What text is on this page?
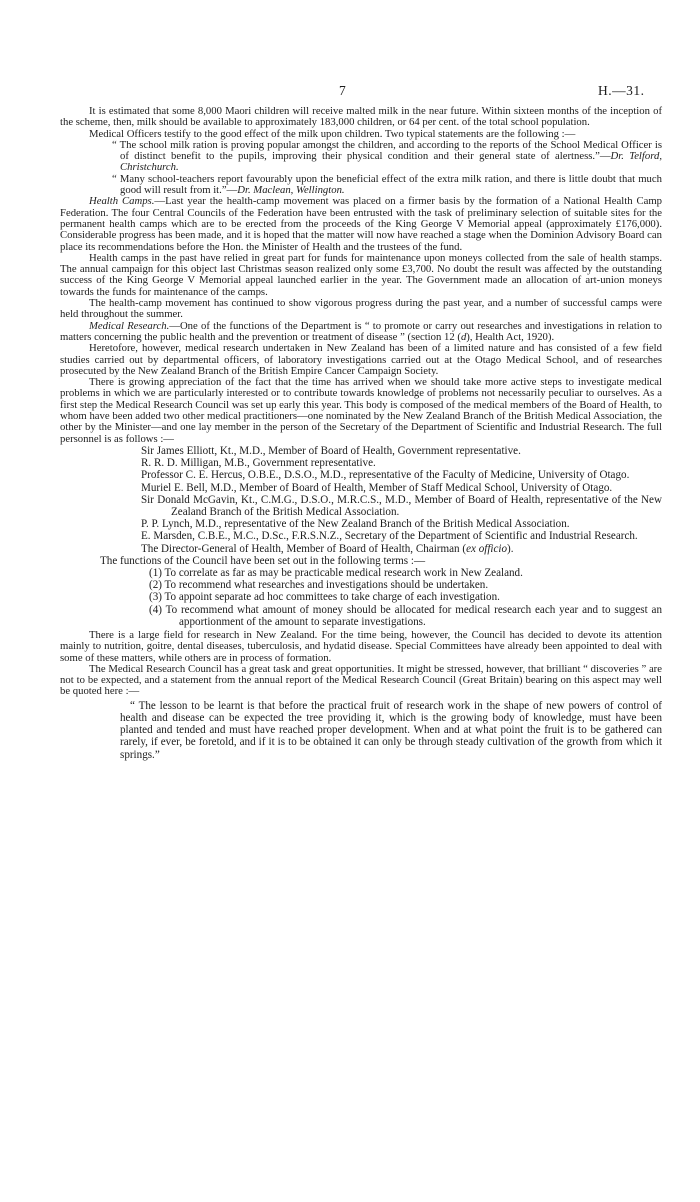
7	H.—31.

It is estimated that some 8,000 Maori children will receive malted milk in the near future. Within sixteen months of the inception of the scheme, then, milk should be available to approximately 183,000 children, or 64 per cent. of the total school population.

Medical Officers testify to the good effect of the milk upon children. Two typical statements are the following :—

“ The school milk ration is proving popular amongst the children, and according to the reports of the School Medical Officer is of distinct benefit to the pupils, improving their physical condition and their general state of alertness.”—Dr. Telford, Christchurch.

“ Many school-teachers report favourably upon the beneficial effect of the extra milk ration, and there is little doubt that much good will result from it.”—Dr. Maclean, Wellington.

Health Camps.—Last year the health-camp movement was placed on a firmer basis by the formation of a National Health Camp Federation. The four Central Councils of the Federation have been entrusted with the task of preliminary selection of suitable sites for the permanent health camps which are to be erected from the proceeds of the King George V Memorial appeal (approximately £176,000). Considerable progress has been made, and it is hoped that the matter will now have reached a stage when the Dominion Advisory Board can place its recommendations before the Hon. the Minister of Health and the trustees of the fund.

Health camps in the past have relied in great part for funds for maintenance upon moneys collected from the sale of health stamps. The annual campaign for this object last Christmas season realized only some £3,700. No doubt the result was affected by the outstanding success of the King George V Memorial appeal launched earlier in the year. The Government made an allocation of art-union moneys towards the funds for maintenance of the camps.

The health-camp movement has continued to show vigorous progress during the past year, and a number of successful camps were held throughout the summer.

Medical Research.—One of the functions of the Department is “ to promote or carry out researches and investigations in relation to matters concerning the public health and the prevention or treatment of disease ” (section 12 (d), Health Act, 1920).

Heretofore, however, medical research undertaken in New Zealand has been of a limited nature and has consisted of a few field studies carried out by departmental officers, of laboratory investigations carried out at the Otago Medical School, and of researches prosecuted by the New Zealand Branch of the British Empire Cancer Campaign Society.

There is growing appreciation of the fact that the time has arrived when we should take more active steps to investigate medical problems in which we are particularly interested or to contribute towards knowledge of problems not necessarily peculiar to ourselves. As a first step the Medical Research Council was set up early this year. This body is composed of the medical members of the Board of Health, to whom have been added two other medical practitioners—one nominated by the New Zealand Branch of the British Medical Association, the other by the Minister—and one lay member in the person of the Secretary of the Department of Scientific and Industrial Research. The full personnel is as follows :—

Sir James Elliott, Kt., M.D., Member of Board of Health, Government representative.
R. R. D. Milligan, M.B., Government representative.
Professor C. E. Hercus, O.B.E., D.S.O., M.D., representative of the Faculty of Medicine, University of Otago.
Muriel E. Bell, M.D., Member of Board of Health, Member of Staff Medical School, University of Otago.
Sir Donald McGavin, Kt., C.M.G., D.S.O., M.R.C.S., M.D., Member of Board of Health, representative of the New Zealand Branch of the British Medical Association.
P. P. Lynch, M.D., representative of the New Zealand Branch of the British Medical Association.
E. Marsden, C.B.E., M.C., D.Sc., F.R.S.N.Z., Secretary of the Department of Scientific and Industrial Research.
The Director-General of Health, Member of Board of Health, Chairman (ex officio).

The functions of the Council have been set out in the following terms :—

(1) To correlate as far as may be practicable medical research work in New Zealand.
(2) To recommend what researches and investigations should be undertaken.
(3) To appoint separate ad hoc committees to take charge of each investigation.
(4) To recommend what amount of money should be allocated for medical research each year and to suggest an apportionment of the amount to separate investigations.

There is a large field for research in New Zealand. For the time being, however, the Council has decided to devote its attention mainly to nutrition, goitre, dental diseases, tuberculosis, and hydatid disease. Special Committees have already been appointed to deal with some of these matters, while others are in process of formation.

The Medical Research Council has a great task and great opportunities. It might be stressed, however, that brilliant “ discoveries ” are not to be expected, and a statement from the annual report of the Medical Research Council (Great Britain) bearing on this aspect may well be quoted here :—

“ The lesson to be learnt is that before the practical fruit of research work in the shape of new powers of control of health and disease can be expected the tree providing it, which is the growing body of knowledge, must have been planted and tended and must have reached proper development. When and at what point the fruit is to be gathered can rarely, if ever, be foretold, and if it is to be obtained it can only be through steady cultivation of the growth from which it springs.”
